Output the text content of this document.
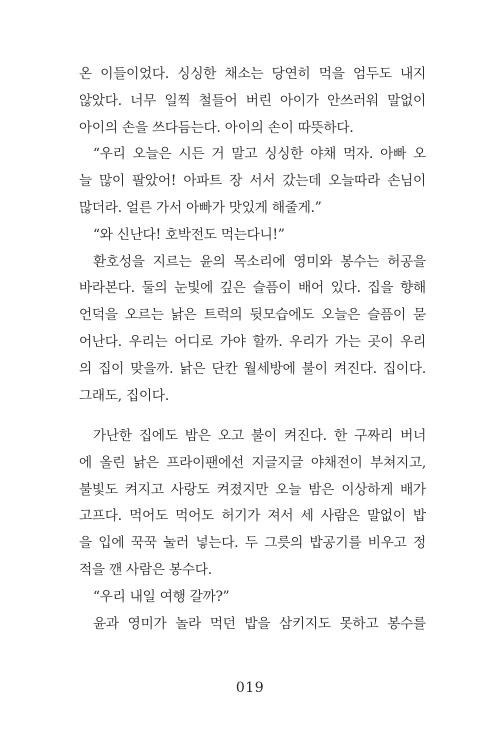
온 이들이었다. 싱싱한 채소는 당연히 먹을 엄두도 내지
않았다. 너무 일찍 철들어 버린 아이가 안쓰러워 말없이
아이의 손을 쓰다듬는다. 아이의 손이 따뜻하다.
“우리 오늘은 시든 거 말고 싱싱한 야채 먹자. 아빠 오
늘 많이 팔았어! 아파트 장 서서 갔는데 오늘따라 손님이
많더라. 얼른 가서 아빠가 맛있게 해줄게.”
“와 신난다! 호박전도 먹는다니!”
환호성을 지르는 윤의 목소리에 영미와 봉수는 허공을
바라본다. 둘의 눈빛에 깊은 슬픔이 배어 있다. 집을 향해
언덕을 오르는 낡은 트럭의 뒷모습에도 오늘은 슬픔이 묻
어난다. 우리는 어디로 가야 할까. 우리가 가는 곳이 우리
의 집이 맞을까. 낡은 단칸 월세방에 불이 켜진다. 집이다.
그래도, 집이다.
가난한 집에도 밤은 오고 불이 켜진다. 한 구짜리 버너
에 올린 낡은 프라이팬에선 지글지글 야채전이 부쳐지고,
불빛도 켜지고 사랑도 켜졌지만 오늘 밤은 이상하게 배가
고프다. 먹어도 먹어도 허기가 져서 세 사람은 말없이 밥
을 입에 꾹꾹 눌러 넣는다. 두 그릇의 밥공기를 비우고 정
적을 깬 사람은 봉수다.
“우리 내일 여행 갈까?”
윤과 영미가 놀라 먹던 밥을 삼키지도 못하고 봉수를
019
